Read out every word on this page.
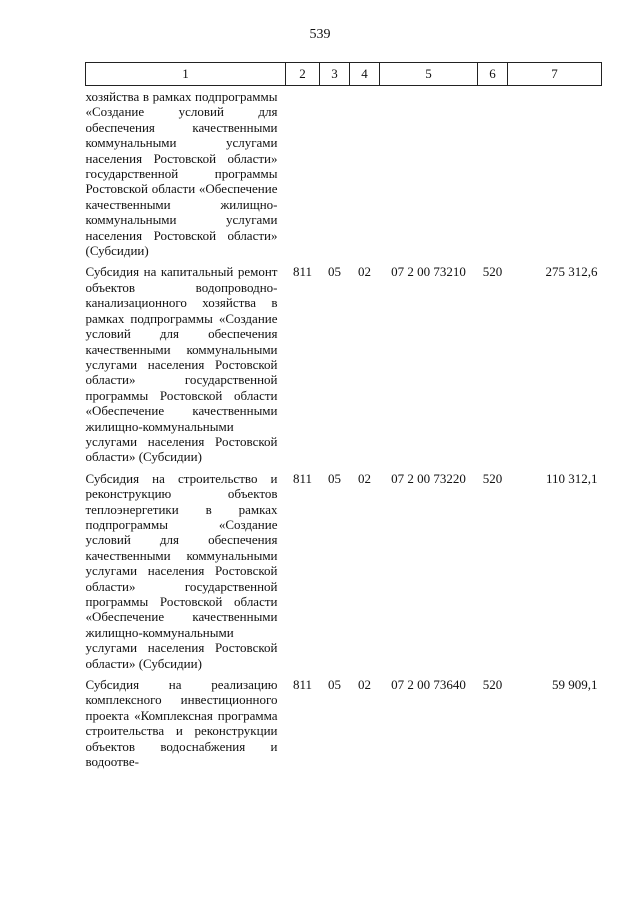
539
1	2	3	4	5	6	7
хозяйства в рамках подпрограммы «Создание условий для обеспечения качественными коммунальными услугами населения Ростовской области» государственной программы Ростовской области «Обеспечение качественными жилищно-коммунальными услугами населения Ростовской области» (Субсидии)						
Субсидия на капитальный ремонт объектов водопроводно-канализационного хозяйства в рамках подпрограммы «Создание условий для обеспечения качественными коммунальными услугами населения Ростовской области» государственной программы Ростовской области «Обеспечение качественными жилищно-коммунальными услугами населения Ростовской области» (Субсидии)	811	05	02	07 2 00 73210	520	275 312,6
Субсидия на строительство и реконструкцию объектов теплоэнергетики в рамках подпрограммы «Создание условий для обеспечения качественными коммунальными услугами населения Ростовской области» государственной программы Ростовской области «Обеспечение качественными жилищно-коммунальными услугами населения Ростовской области» (Субсидии)	811	05	02	07 2 00 73220	520	110 312,1
Субсидия на реализацию комплексного инвестиционного проекта «Комплексная программа строительства и реконструкции объектов водоснабжения и водоотве-	811	05	02	07 2 00 73640	520	59 909,1
